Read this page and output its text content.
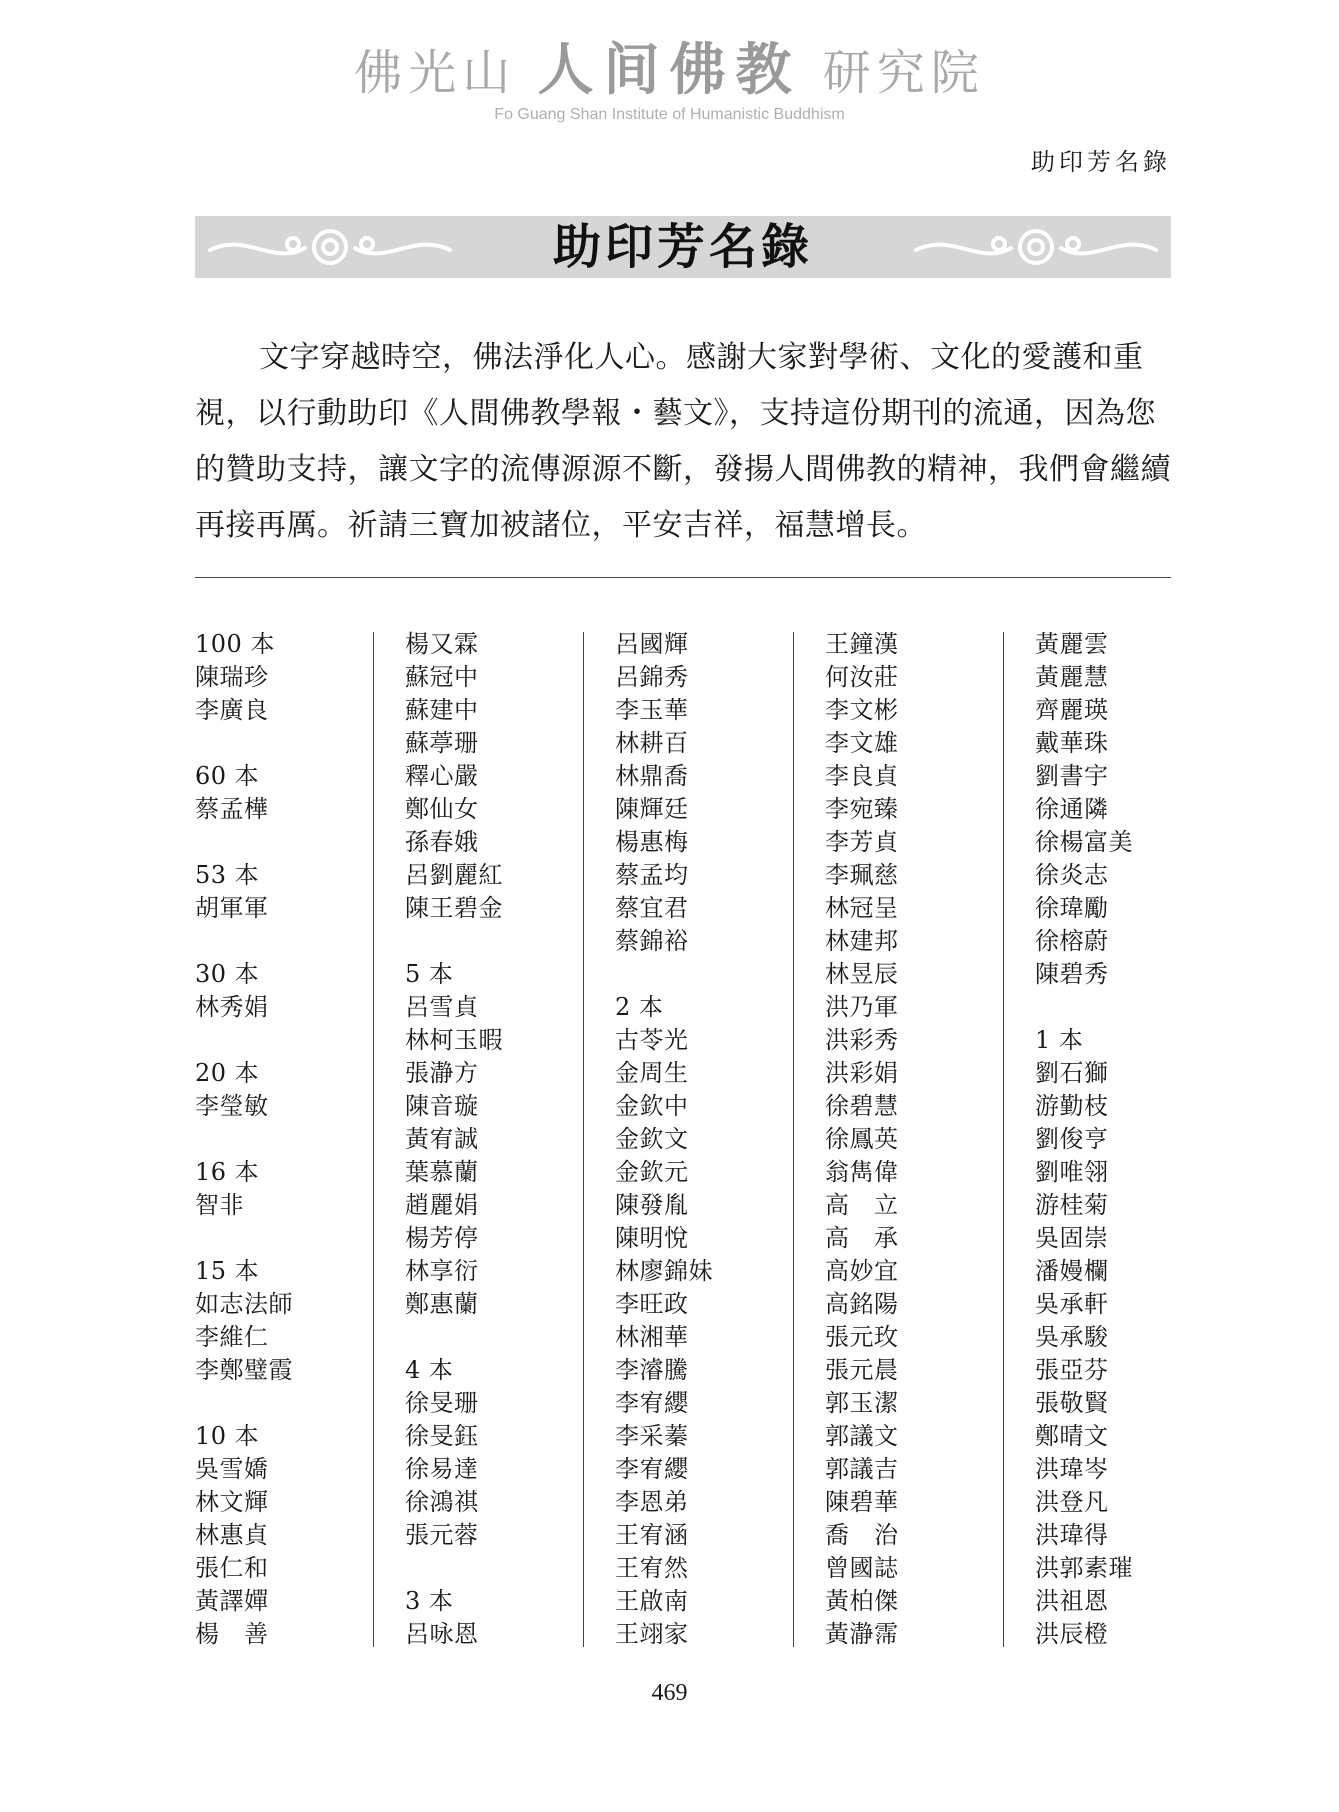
佛光山 人间佛教 研究院
Fo Guang Shan Institute of Humanistic Buddhism
助印芳名錄
助印芳名錄

文字穿越時空，佛法淨化人心。感謝大家對學術、文化的愛護和重視，以行動助印《人間佛教學報・藝文》，支持這份期刊的流通，因為您的贊助支持，讓文字的流傳源源不斷，發揚人間佛教的精神，我們會繼續再接再厲。祈請三寶加被諸位，平安吉祥，福慧增長。

100 本
陳瑞珍
李廣良
60 本
蔡孟樺
53 本
胡軍軍
30 本
林秀娟
20 本
李瑩敏
16 本
智非
15 本
如志法師
李維仁
李鄭璧霞
10 本
吳雪嬌
林文輝
林惠貞
張仁和
黃譯嬋
楊　善
楊又霖
蘇冠中
蘇建中
蘇葶珊
釋心嚴
鄭仙女
孫春娥
呂劉麗紅
陳王碧金
5 本
呂雪貞
林柯玉暇
張瀞方
陳音璇
黃宥誠
葉慕蘭
趙麗娟
楊芳停
林享衍
鄭惠蘭
4 本
徐旻珊
徐旻鈺
徐易達
徐鴻祺
張元蓉
3 本
呂咏恩
呂國輝
呂錦秀
李玉華
林耕百
林鼎喬
陳輝廷
楊惠梅
蔡孟均
蔡宜君
蔡錦裕
2 本
古苓光
金周生
金欽中
金欽文
金欽元
陳發胤
陳明悅
林廖錦妹
李旺政
林湘華
李濬騰
李宥纓
李采蓁
李宥纓
李恩弟
王宥涵
王宥然
王啟南
王翊家
王鐘漢
何汝莊
李文彬
李文雄
李良貞
李宛臻
李芳貞
李珮慈
林冠呈
林建邦
林昱辰
洪乃軍
洪彩秀
洪彩娟
徐碧慧
徐鳳英
翁雋偉
高　立
高　承
高妙宜
高銘陽
張元玫
張元晨
郭玉潔
郭議文
郭議吉
陳碧華
喬　治
曾國誌
黃柏傑
黃瀞霈
黃麗雲
黃麗慧
齊麗瑛
戴華珠
劉書宇
徐通隣
徐楊富美
徐炎志
徐瑋勵
徐榕蔚
陳碧秀
1 本
劉石獅
游勤枝
劉俊亨
劉唯翎
游桂菊
吳固崇
潘嫚欄
吳承軒
吳承駿
張亞芬
張敬賢
鄭晴文
洪瑋岑
洪登凡
洪瑋得
洪郭素璀
洪祖恩
洪辰橙
469
